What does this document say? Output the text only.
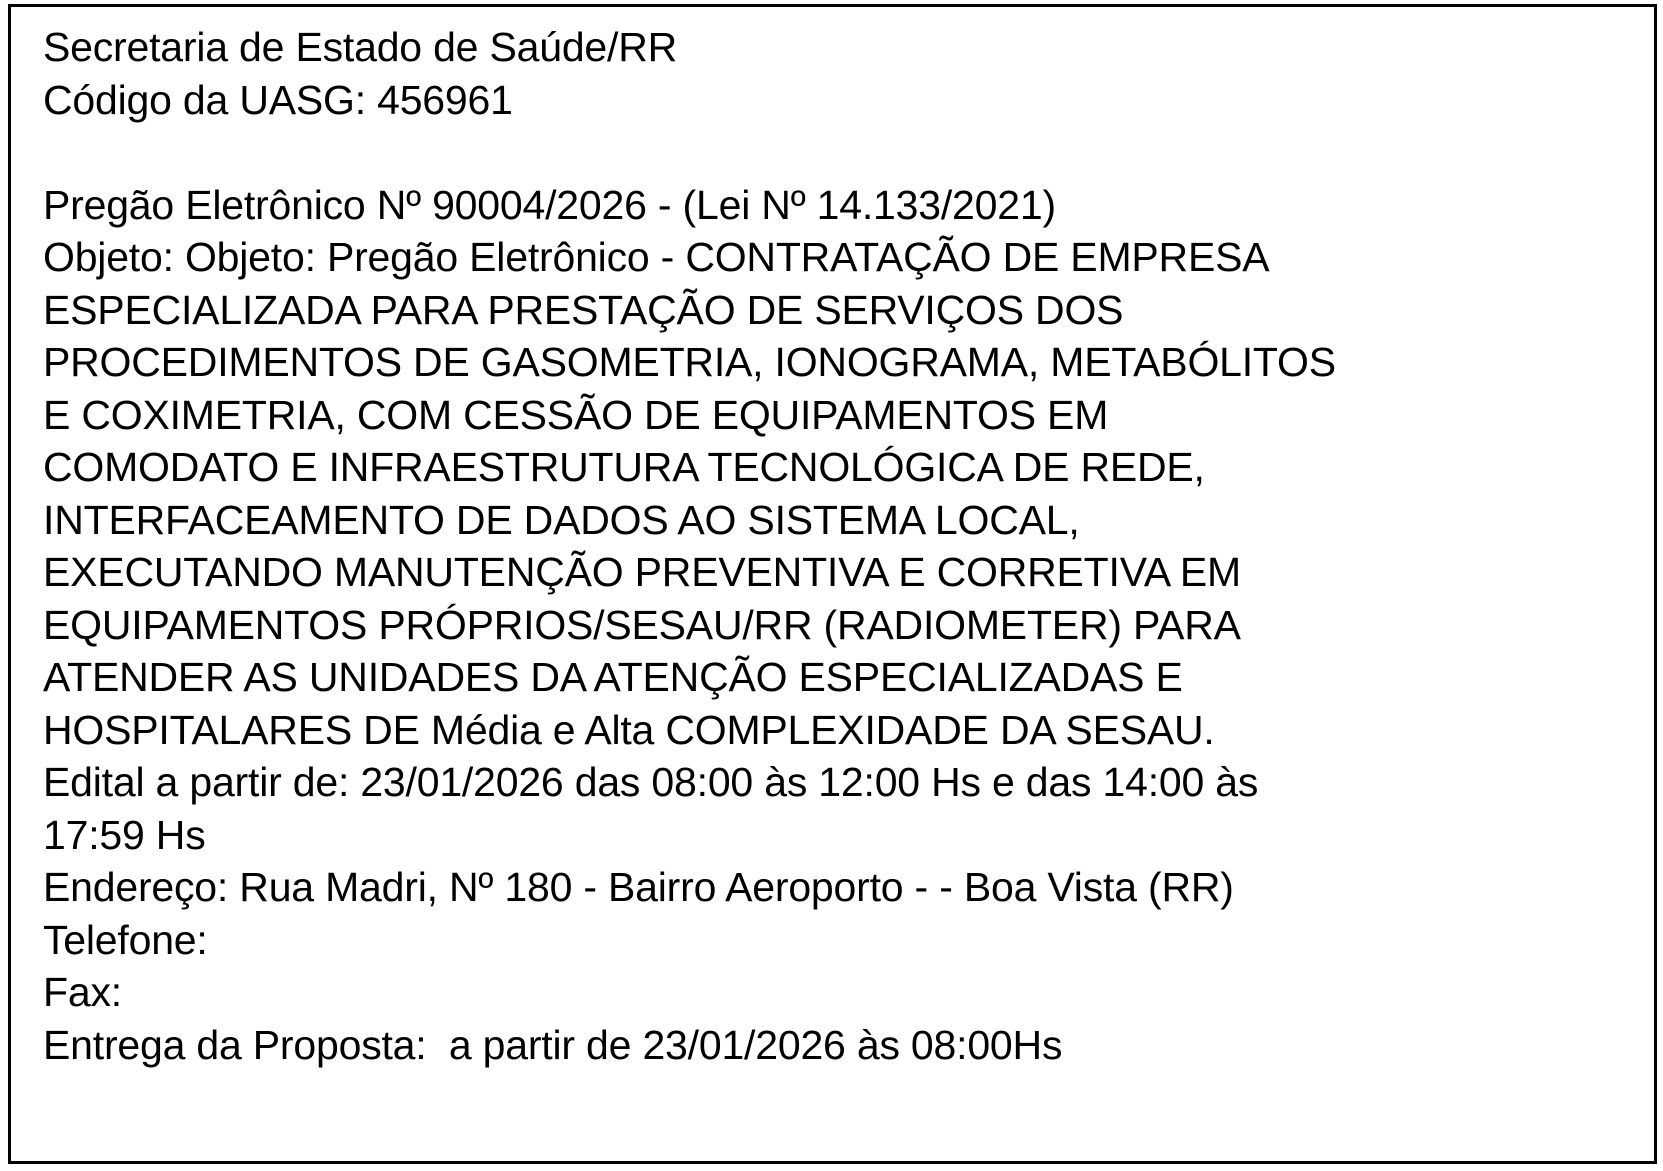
Secretaria de Estado de Saúde/RR
Código da UASG: 456961
Pregão Eletrônico Nº 90004/2026 - (Lei Nº 14.133/2021)
Objeto: Objeto: Pregão Eletrônico - CONTRATAÇÃO DE EMPRESA
ESPECIALIZADA PARA PRESTAÇÃO DE SERVIÇOS DOS
PROCEDIMENTOS DE GASOMETRIA, IONOGRAMA, METABÓLITOS
E COXIMETRIA, COM CESSÃO DE EQUIPAMENTOS EM
COMODATO E INFRAESTRUTURA TECNOLÓGICA DE REDE,
INTERFACEAMENTO DE DADOS AO SISTEMA LOCAL,
EXECUTANDO MANUTENÇÃO PREVENTIVA E CORRETIVA EM
EQUIPAMENTOS PRÓPRIOS/SESAU/RR (RADIOMETER) PARA
ATENDER AS UNIDADES DA ATENÇÃO ESPECIALIZADAS E
HOSPITALARES DE Média e Alta COMPLEXIDADE DA SESAU.
Edital a partir de: 23/01/2026 das 08:00 às 12:00 Hs e das 14:00 às
17:59 Hs
Endereço: Rua Madri, Nº 180 - Bairro Aeroporto - - Boa Vista (RR)
Telefone:
Fax:
Entrega da Proposta:  a partir de 23/01/2026 às 08:00Hs
